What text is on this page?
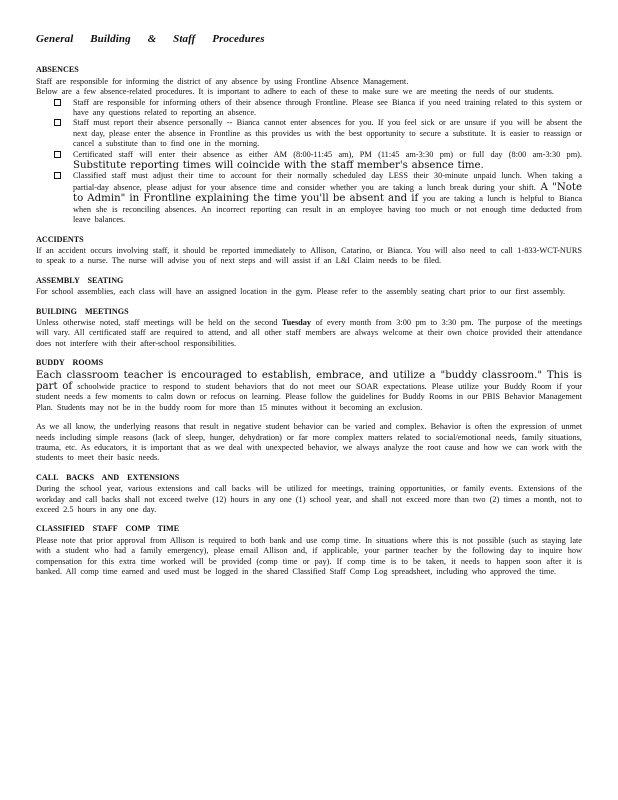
General Building & Staff Procedures
ABSENCES
Staff are responsible for informing the district of any absence by using Frontline Absence Management.
Below are a few absence-related procedures. It is important to adhere to each of these to make sure we are meeting the needs of our students.
Staff are responsible for informing others of their absence through Frontline. Please see Bianca if you need training related to this system or have any questions related to reporting an absence.
Staff must report their absence personally -- Bianca cannot enter absences for you. If you feel sick or are unsure if you will be absent the next day, please enter the absence in Frontline as this provides us with the best opportunity to secure a substitute. It is easier to reassign or cancel a substitute than to find one in the morning.
Certificated staff will enter their absence as either AM (8:00-11:45 am), PM (11:45 am-3:30 pm) or full day (8:00 am-3:30 pm). Substitute reporting times will coincide with the staff member's absence time.
Classified staff must adjust their time to account for their normally scheduled day LESS their 30-minute unpaid lunch. When taking a partial-day absence, please adjust for your absence time and consider whether you are taking a lunch break during your shift. A "Note to Admin" in Frontline explaining the time you'll be absent and if you are taking a lunch is helpful to Bianca when she is reconciling absences. An incorrect reporting can result in an employee having too much or not enough time deducted from leave balances.
ACCIDENTS
If an accident occurs involving staff, it should be reported immediately to Allison, Catarino, or Bianca. You will also need to call 1-833-WCT-NURS to speak to a nurse. The nurse will advise you of next steps and will assist if an L&I Claim needs to be filed.
ASSEMBLY SEATING
For school assemblies, each class will have an assigned location in the gym. Please refer to the assembly seating chart prior to our first assembly.
BUILDING MEETINGS
Unless otherwise noted, staff meetings will be held on the second Tuesday of every month from 3:00 pm to 3:30 pm. The purpose of the meetings will vary. All certificated staff are required to attend, and all other staff members are always welcome at their own choice provided their attendance does not interfere with their after-school responsibilities.
BUDDY ROOMS
Each classroom teacher is encouraged to establish, embrace, and utilize a "buddy classroom." This is part of schoolwide practice to respond to student behaviors that do not meet our SOAR expectations. Please utilize your Buddy Room if your student needs a few moments to calm down or refocus on learning. Please follow the guidelines for Buddy Rooms in our PBIS Behavior Management Plan. Students may not be in the buddy room for more than 15 minutes without it becoming an exclusion.
As we all know, the underlying reasons that result in negative student behavior can be varied and complex. Behavior is often the expression of unmet needs including simple reasons (lack of sleep, hunger, dehydration) or far more complex matters related to social/emotional needs, family situations, trauma, etc. As educators, it is important that as we deal with unexpected behavior, we always analyze the root cause and how we can work with the students to meet their basic needs.
CALL BACKS AND EXTENSIONS
During the school year, various extensions and call backs will be utilized for meetings, training opportunities, or family events. Extensions of the workday and call backs shall not exceed twelve (12) hours in any one (1) school year, and shall not exceed more than two (2) times a month, not to exceed 2.5 hours in any one day.
CLASSIFIED STAFF COMP TIME
Please note that prior approval from Allison is required to both bank and use comp time. In situations where this is not possible (such as staying late with a student who had a family emergency), please email Allison and, if applicable, your partner teacher by the following day to inquire how compensation for this extra time worked will be provided (comp time or pay). If comp time is to be taken, it needs to happen soon after it is banked. All comp time earned and used must be logged in the shared Classified Staff Comp Log spreadsheet, including who approved the time.
